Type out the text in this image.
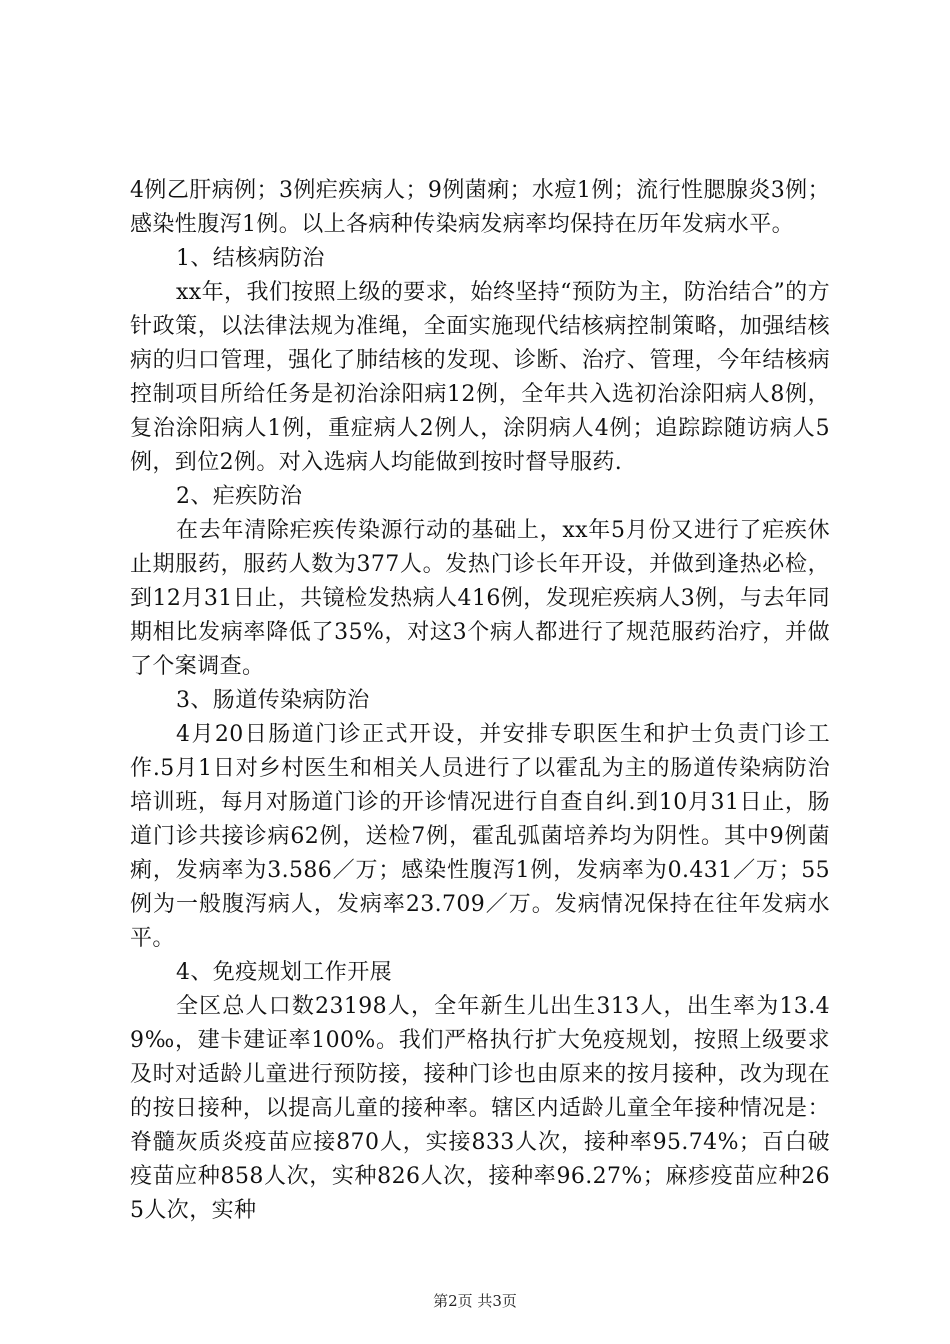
4例乙肝病例；3例疟疾病人；9例菌痢；水痘1例；流行性腮腺炎3例；感染性腹泻1例。以上各病种传染病发病率均保持在历年发病水平。

1、结核病防治

xx年，我们按照上级的要求，始终坚持“预防为主，防治结合”的方针政策，以法律法规为准绳，全面实施现代结核病控制策略，加强结核病的归口管理，强化了肺结核的发现、诊断、治疗、管理，今年结核病控制项目所给任务是初治涂阳病12例，全年共入选初治涂阳病人8例，复治涂阳病人1例，重症病人2例人，涂阴病人4例；追踪踪随访病人5例，到位2例。对入选病人均能做到按时督导服药.

2、疟疾防治

在去年清除疟疾传染源行动的基础上，xx年5月份又进行了疟疾休止期服药，服药人数为377人。发热门诊长年开设，并做到逢热必检，到12月31日止，共镜检发热病人416例，发现疟疾病人3例，与去年同期相比发病率降低了35%，对这3个病人都进行了规范服药治疗，并做了个案调查。

3、肠道传染病防治

4月20日肠道门诊正式开设，并安排专职医生和护士负责门诊工作.5月1日对乡村医生和相关人员进行了以霍乱为主的肠道传染病防治培训班，每月对肠道门诊的开诊情况进行自查自纠.到10月31日止，肠道门诊共接诊病62例，送检7例，霍乱弧菌培养均为阴性。其中9例菌痢，发病率为3.586／万；感染性腹泻1例，发病率为0.431／万；55例为一般腹泻病人，发病率23.709／万。发病情况保持在往年发病水平。

4、免疫规划工作开展

全区总人口数23198人，全年新生儿出生313人，出生率为13.49‰，建卡建证率100%。我们严格执行扩大免疫规划，按照上级要求及时对适龄儿童进行预防接，接种门诊也由原来的按月接种，改为现在的按日接种，以提高儿童的接种率。辖区内适龄儿童全年接种情况是：脊髓灰质炎疫苗应接870人，实接833人次，接种率95.74%；百白破疫苗应种858人次，实种826人次，接种率96.27%；麻疹疫苗应种265人次，实种

第2页 共3页
